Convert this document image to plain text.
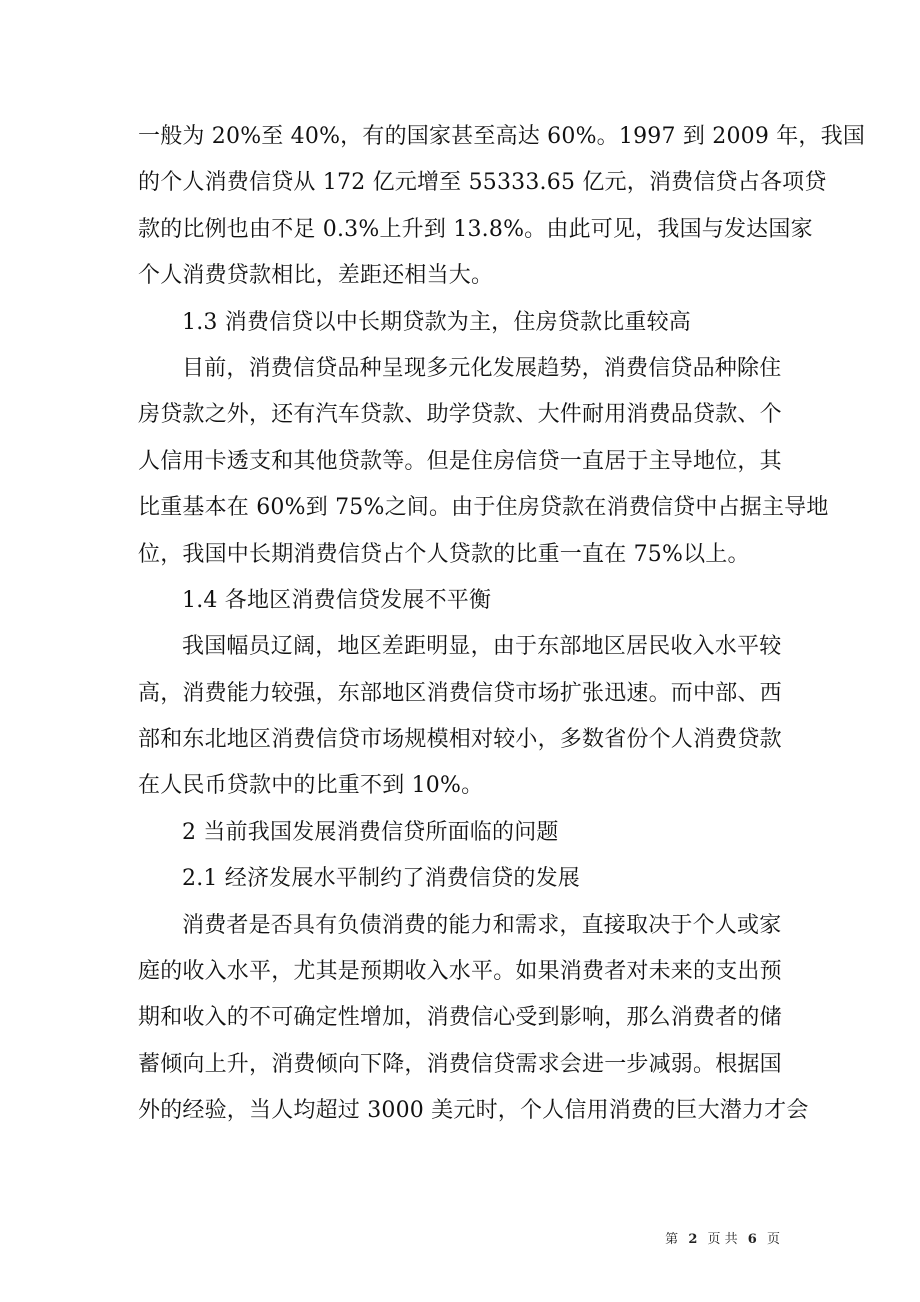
一般为 20%至 40%，有的国家甚至高达 60%。1997 到 2009 年，我国
的个人消费信贷从 172 亿元增至 55333.65 亿元，消费信贷占各项贷
款的比例也由不足 0.3%上升到 13.8%。由此可见，我国与发达国家
个人消费贷款相比，差距还相当大。
1.3 消费信贷以中长期贷款为主，住房贷款比重较高
目前，消费信贷品种呈现多元化发展趋势，消费信贷品种除住
房贷款之外，还有汽车贷款、助学贷款、大件耐用消费品贷款、个
人信用卡透支和其他贷款等。但是住房信贷一直居于主导地位，其
比重基本在 60%到 75%之间。由于住房贷款在消费信贷中占据主导地
位，我国中长期消费信贷占个人贷款的比重一直在 75%以上。
1.4 各地区消费信贷发展不平衡
我国幅员辽阔，地区差距明显，由于东部地区居民收入水平较
高，消费能力较强，东部地区消费信贷市场扩张迅速。而中部、西
部和东北地区消费信贷市场规模相对较小，多数省份个人消费贷款
在人民币贷款中的比重不到 10%。
2 当前我国发展消费信贷所面临的问题
2.1 经济发展水平制约了消费信贷的发展
消费者是否具有负债消费的能力和需求，直接取决于个人或家
庭的收入水平，尤其是预期收入水平。如果消费者对未来的支出预
期和收入的不可确定性增加，消费信心受到影响，那么消费者的储
蓄倾向上升，消费倾向下降，消费信贷需求会进一步减弱。根据国
外的经验，当人均超过 3000 美元时，个人信用消费的巨大潜力才会
第 2 页 共 6 页
